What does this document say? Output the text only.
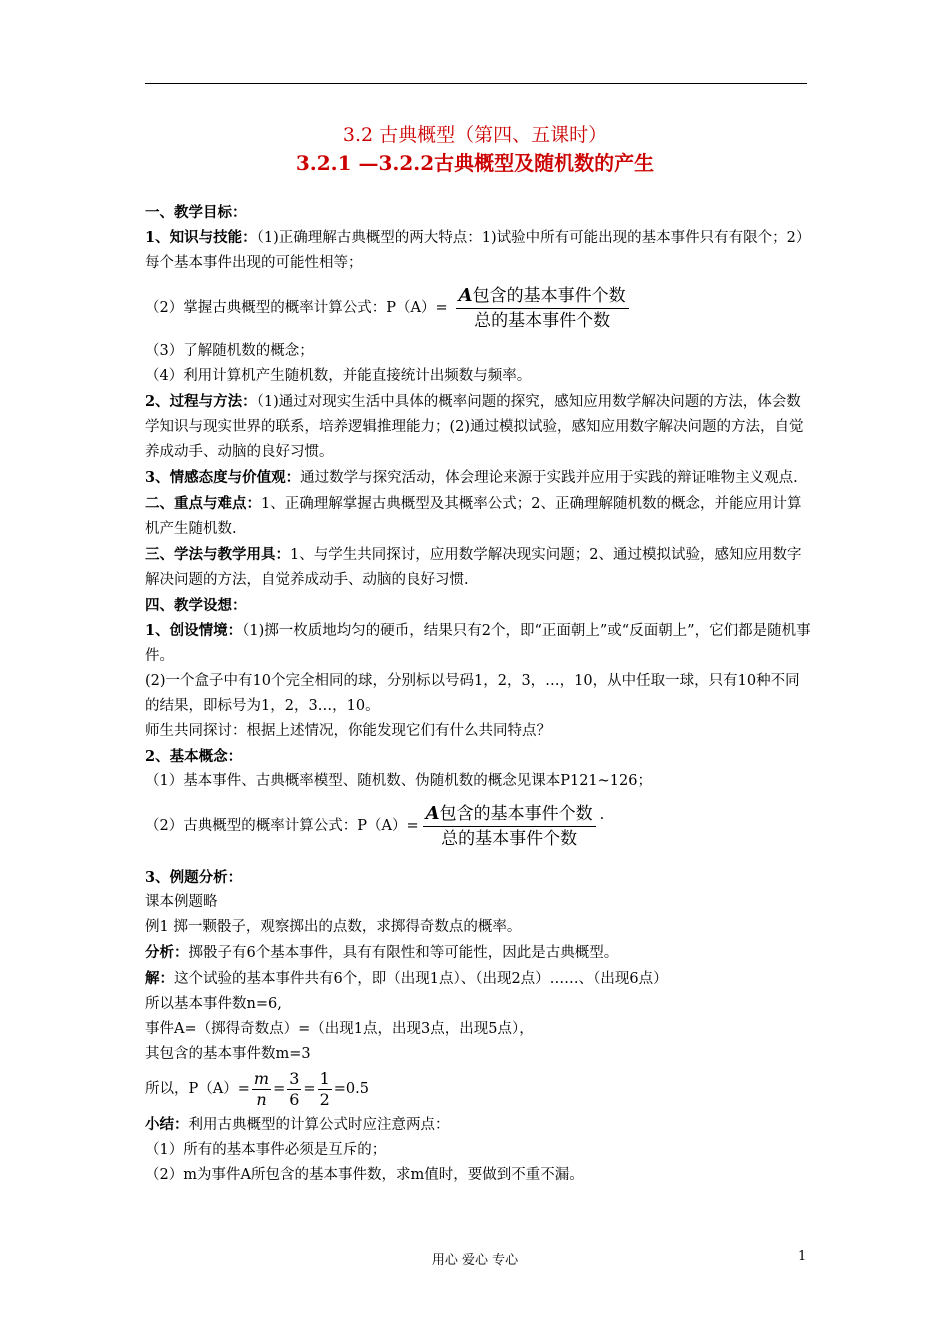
3.2 古典概型（第四、五课时）
3.2.1 —3.2.2古典概型及随机数的产生

一、教学目标：

1、知识与技能：（1)正确理解古典概型的两大特点：1)试验中所有可能出现的基本事件只有有限个；2）每个基本事件出现的可能性相等；

（2）掌握古典概型的概率计算公式：$P(A)= \frac{\text{A包含的基本事件个数}}{\text{总的基本事件个数}}$

（3）了解随机数的概念；

（4）利用计算机产生随机数，并能直接统计出频数与频率。

2、过程与方法：（1)通过对现实生活中具体的概率问题的探究，感知应用数学解决问题的方法，体会数学知识与现实世界的联系，培养逻辑推理能力；(2)通过模拟试验，感知应用数字解决问题的方法，自觉养成动手、动脑的良好习惯。

3、情感态度与价值观：通过数学与探究活动，体会理论来源于实践并应用于实践的辩证唯物主义观点.

二、重点与难点：1、正确理解掌握古典概型及其概率公式；2、正确理解随机数的概念，并能应用计算机产生随机数.

三、学法与教学用具：1、与学生共同探讨，应用数学解决现实问题；2、通过模拟试验，感知应用数字解决问题的方法，自觉养成动手、动脑的良好习惯.

四、教学设想：

1、创设情境：（1)掷一枚质地均匀的硬币，结果只有2个，即“正面朝上”或“反面朝上”，它们都是随机事件。

(2)一个盒子中有10个完全相同的球，分别标以号码1，2，3，…，10，从中任取一球，只有10种不同的结果，即标号为1，2，3…，10。

师生共同探讨：根据上述情况，你能发现它们有什么共同特点？

2、基本概念：

（1）基本事件、古典概率模型、随机数、伪随机数的概念见课本P121~126；

（2）古典概型的概率计算公式：$P(A)= \frac{\text{A包含的基本事件个数}}{\text{总的基本事件个数}}$ .

3、例题分析：

课本例题略

例1 掷一颗骰子，观察掷出的点数，求掷得奇数点的概率。

分析：掷骰子有6个基本事件，具有有限性和等可能性，因此是古典概型。

解：这个试验的基本事件共有6个，即（出现1点）、（出现2点）……、（出现6点）

所以基本事件数n=6,

事件A=（掷得奇数点）=（出现1点，出现3点，出现5点），

其包含的基本事件数m=3

所以，$P(A)= \frac{m}{n} = \frac{3}{6} = \frac{1}{2} =0.5$

小结：利用古典概型的计算公式时应注意两点：

（1）所有的基本事件必须是互斥的；

（2）m为事件A所包含的基本事件数，求m值时，要做到不重不漏。

用心 爱心 专心	1
